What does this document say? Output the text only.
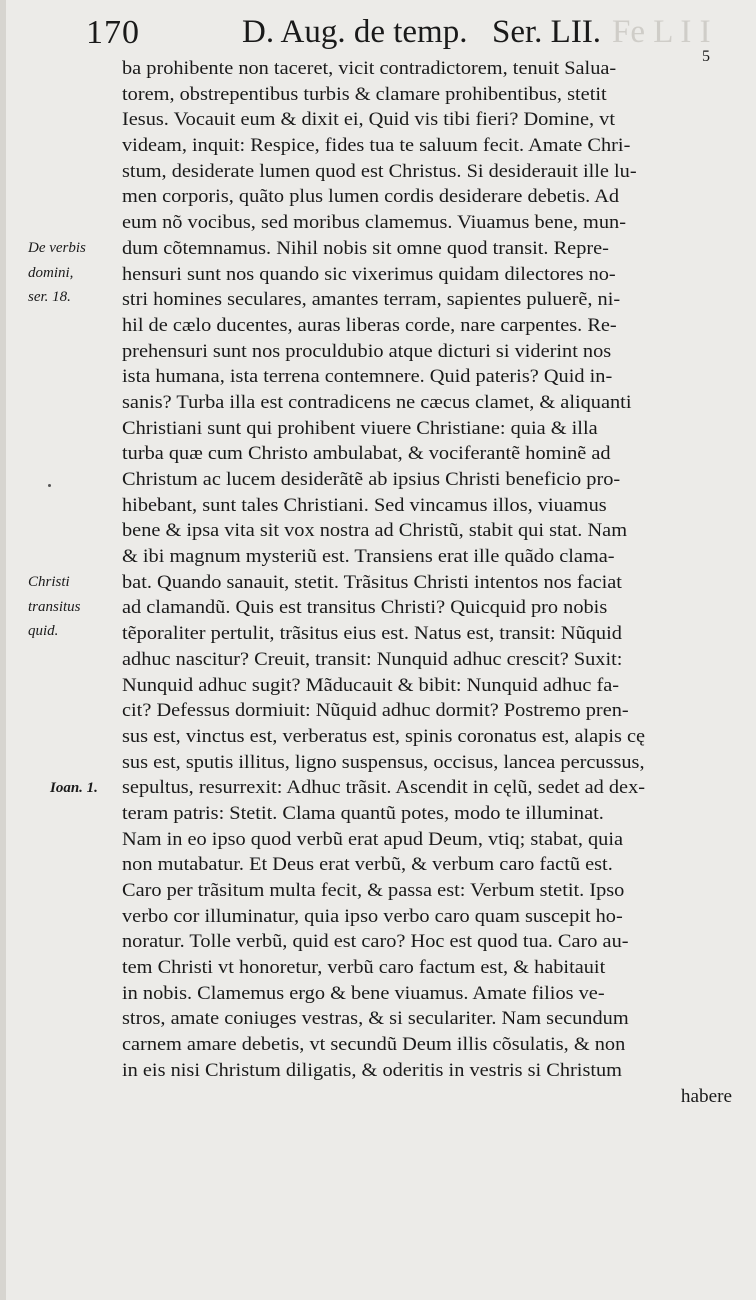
170	D. Aug. de temp. Ser. LII. Fe L I I
5
De verbis
domini,
ser. 18.
Christi
transitus
quid.
Ioan. 1.
ba prohibente non taceret, vicit contradictorem, tenuit Salua-
torem, obstrepentibus turbis & clamare prohibentibus, stetit
Iesus. Vocauit eum & dixit ei, Quid vis tibi fieri? Domine, vt
videam, inquit: Respice, fides tua te saluum fecit. Amate Chri-
stum, desiderate lumen quod est Christus. Si desiderauit ille lu-
men corporis, quãto plus lumen cordis desiderare debetis. Ad
eum nõ vocibus, sed moribus clamemus. Viuamus bene, mun-
dum cõtemnamus. Nihil nobis sit omne quod transit. Repre-
hensuri sunt nos quando sic vixerimus quidam dilectores no-
stri homines seculares, amantes terram, sapientes puluerẽ, ni-
hil de cælo ducentes, auras liberas corde, nare carpentes. Re-
prehensuri sunt nos proculdubio atque dicturi si viderint nos
ista humana, ista terrena contemnere. Quid pateris? Quid in-
sanis? Turba illa est contradicens ne cæcus clamet, & aliquanti
Christiani sunt qui prohibent viuere Christiane: quia & illa
turba quæ cum Christo ambulabat, & vociferantẽ hominẽ ad
Christum ac lucem desiderãtẽ ab ipsius Christi beneficio pro-
hibebant, sunt tales Christiani. Sed vincamus illos, viuamus
bene & ipsa vita sit vox nostra ad Christũ, stabit qui stat. Nam
& ibi magnum mysteriũ est. Transiens erat ille quãdo clama-
bat. Quando sanauit, stetit. Trãsitus Christi intentos nos faciat
ad clamandũ. Quis est transitus Christi? Quicquid pro nobis
tẽporaliter pertulit, trãsitus eius est. Natus est, transit: Nũquid
adhuc nascitur? Creuit, transit: Nunquid adhuc crescit? Suxit:
Nunquid adhuc sugit? Mãducauit & bibit: Nunquid adhuc fa-
cit? Defessus dormiuit: Nũquid adhuc dormit? Postremo pren-
sus est, vinctus est, verberatus est, spinis coronatus est, alapis cę
sus est, sputis illitus, ligno suspensus, occisus, lancea percussus,
sepultus, resurrexit: Adhuc trãsit. Ascendit in cęlũ, sedet ad dex-
teram patris: Stetit. Clama quantũ potes, modo te illuminat.
Nam in eo ipso quod verbũ erat apud Deum, vtiq; stabat, quia
non mutabatur. Et Deus erat verbũ, & verbum caro factũ est.
Caro per trãsitum multa fecit, & passa est: Verbum stetit. Ipso
verbo cor illuminatur, quia ipso verbo caro quam suscepit ho-
noratur. Tolle verbũ, quid est caro? Hoc est quod tua. Caro au-
tem Christi vt honoretur, verbũ caro factum est, & habitauit
in nobis. Clamemus ergo & bene viuamus. Amate filios ve-
stros, amate coniuges vestras, & si seculariter. Nam secundum
carnem amare debetis, vt secundũ Deum illis cõsulatis, & non
in eis nisi Christum diligatis, & oderitis in vestris si Christum
habere
